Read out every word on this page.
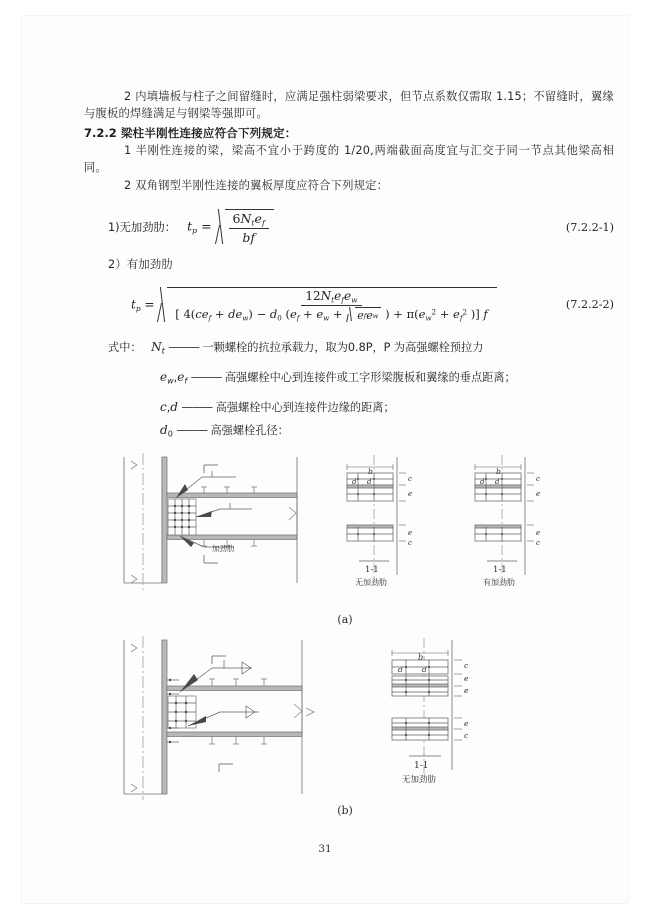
2 内填墙板与柱子之间留缝时，应满足强柱弱梁要求，但节点系数仅需取 1.15；不留缝时，翼缘与腹板的焊缝满足与钢梁等强即可。
7.2.2 梁柱半刚性连接应符合下列规定：
1 半刚性连接的梁，梁高不宜小于跨度的 1/20,两端截面高度宜与汇交于同一节点其他梁高相同。
2 双角钢型半刚性连接的翼板厚度应符合下列规定：
1)无加劲肋： $t_p = \frac{6N_te_f}{bf}$	(7.2.2-1)
2）有加劲肋
$t_p$ =
$12N_te_fe_w$
[ $4(ce_f + de_w) - d_0$ ($e_f + e_w + e$ f e w ) + $\pi(e_w^2 + e_f^2$ )] f
(7.2.2-2)
式中： $N_t$ ——— 一颗螺栓的抗拉承载力，取为0.8P，P 为高强螺栓预拉力
$e_w,e_f$ ——— 高强螺栓中心到连接件或工字形梁腹板和翼缘的垂点距离；
c,d ——— 高强螺栓中心到连接件边缘的距离；
$d_0$ ——— 高强螺栓孔径：
加劲肋
b
d d	c
e
e
c
1-1
无加劲肋
b
d d	c
e
e
c
1-1
有加劲肋
(a)
b
d	d	c
e
e
e
c
1-1
无加劲肋
(b)
31
